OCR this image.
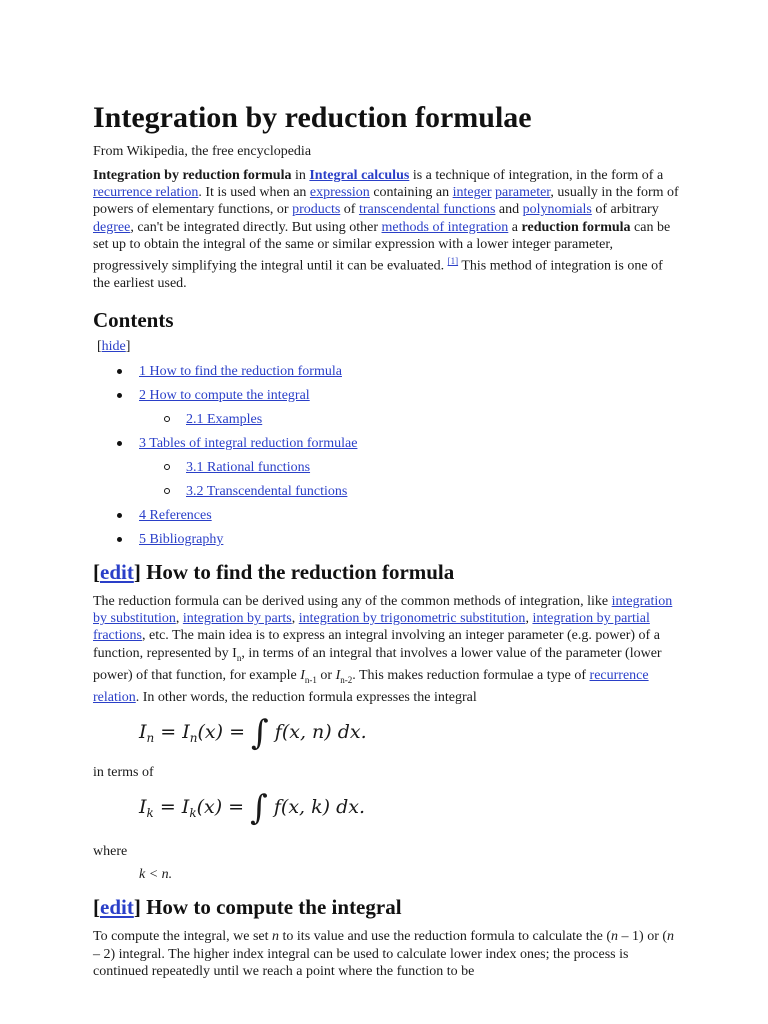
Integration by reduction formulae
From Wikipedia, the free encyclopedia

Integration by reduction formula in Integral calculus is a technique of integration, in the form of a recurrence relation. It is used when an expression containing an integer parameter, usually in the form of powers of elementary functions, or products of transcendental functions and polynomials of arbitrary degree, can't be integrated directly. But using other methods of integration a reduction formula can be set up to obtain the integral of the same or similar expression with a lower integer parameter, progressively simplifying the integral until it can be evaluated. [1] This method of integration is one of the earliest used.

Contents
[hide]
1 How to find the reduction formula
2 How to compute the integral
2.1 Examples
3 Tables of integral reduction formulae
3.1 Rational functions
3.2 Transcendental functions
4 References
5 Bibliography
[edit] How to find the reduction formula

The reduction formula can be derived using any of the common methods of integration, like integration by substitution, integration by parts, integration by trigonometric substitution, integration by partial fractions, etc. The main idea is to express an integral involving an integer parameter (e.g. power) of a function, represented by $I_n$, in terms of an integral that involves a lower value of the parameter (lower power) of that function, for example $I_{n-1}$ or $I_{n-2}$. This makes reduction formulae a type of recurrence relation. In other words, the reduction formula expresses the integral

$I_n = I_n(x)$ = ∫ f(x, n) dx.

in terms of

$I_k = I_k(x)$ = ∫ f(x, k) dx.

where

k < n.
[edit] How to compute the integral

To compute the integral, we set n to its value and use the reduction formula to calculate the (n – 1) or (n – 2) integral. The higher index integral can be used to calculate lower index ones; the process is continued repeatedly until we reach a point where the function to be
